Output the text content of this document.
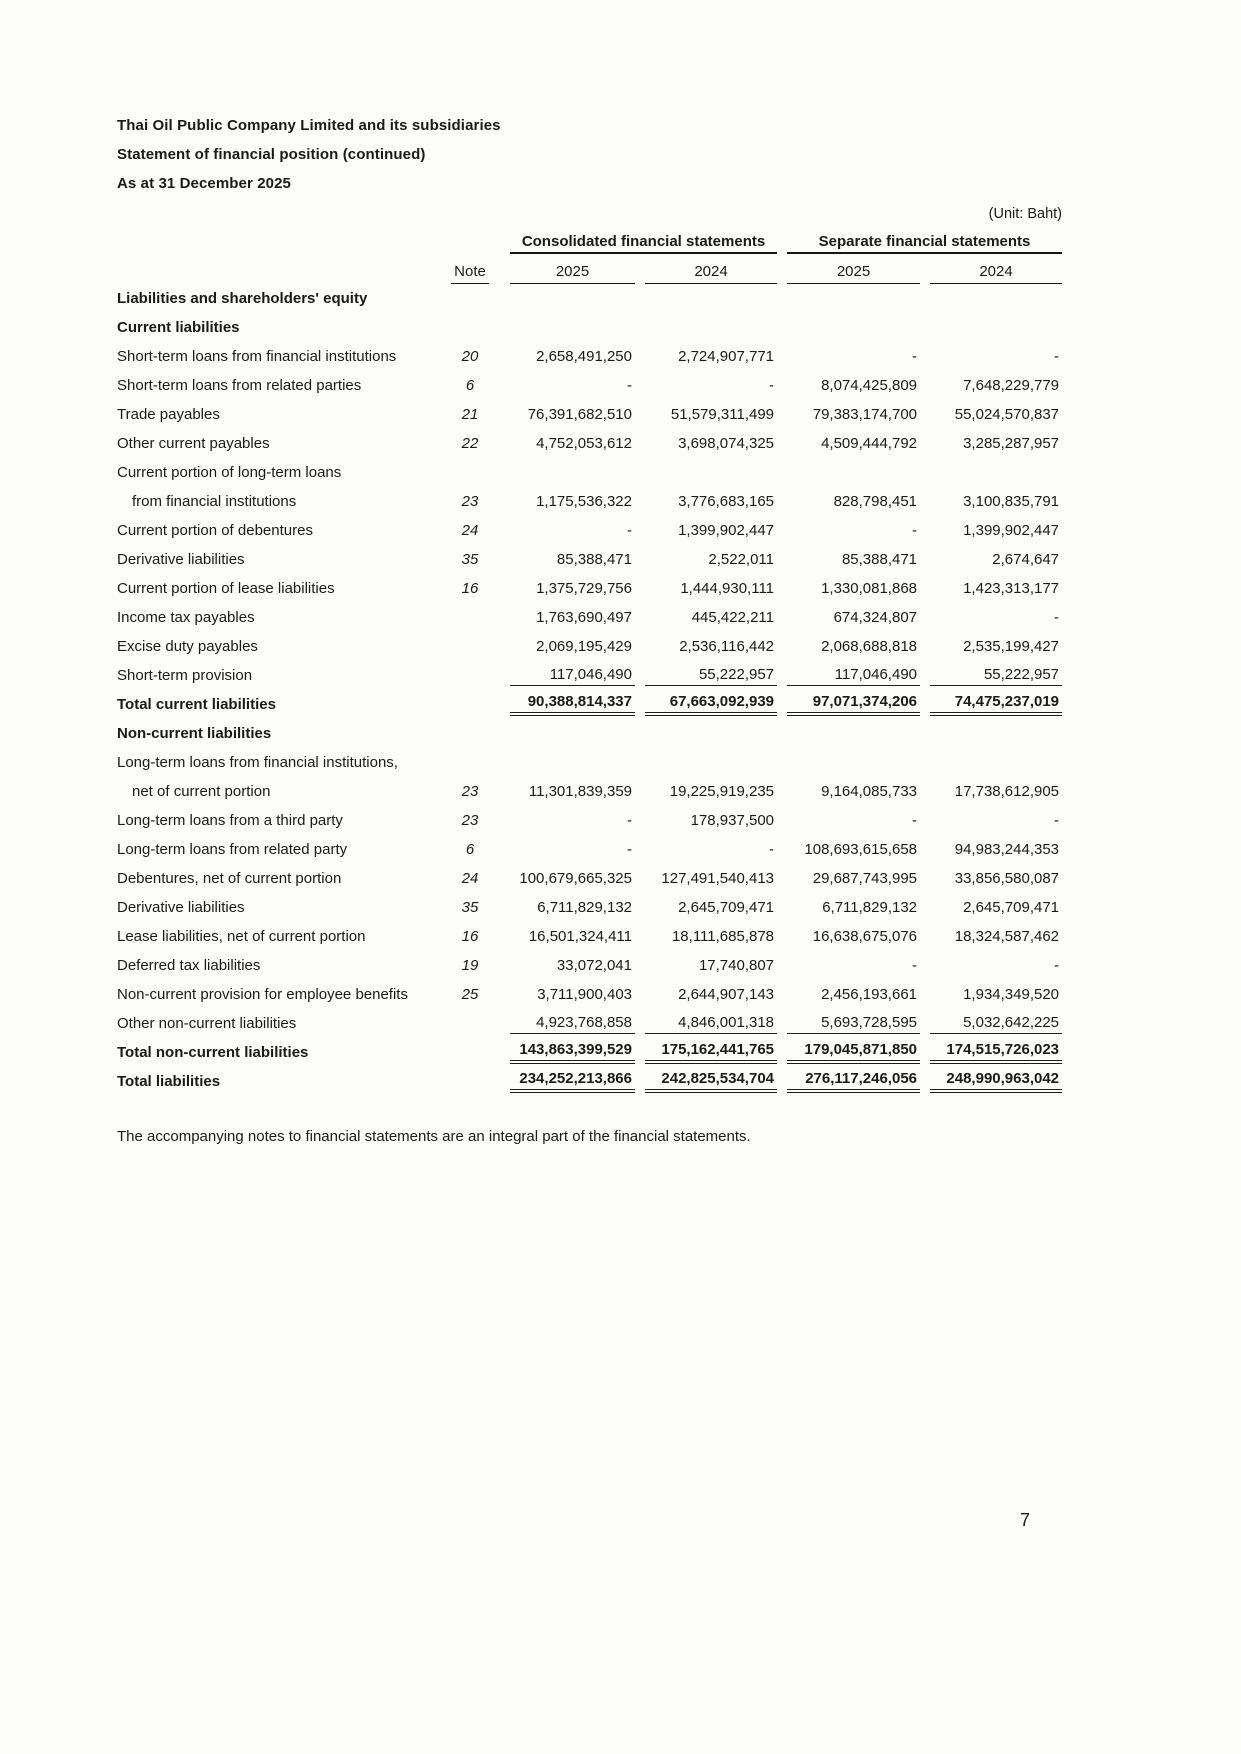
Thai Oil Public Company Limited and its subsidiaries
Statement of financial position (continued)
As at 31 December 2025
(Unit: Baht)

		Consolidated financial statements		Separate financial statements	

	Note	2025	2024	2025	2024

Liabilities and shareholders' equity		

Current liabilities		

Short-term loans from financial institutions	20	2,658,491,250	2,724,907,771	-	-

Short-term loans from related parties	6	-	-	8,074,425,809	7,648,229,779

Trade payables	21	76,391,682,510	51,579,311,499	79,383,174,700	55,024,570,837

Other current payables	22	4,752,053,612	3,698,074,325	4,509,444,792	3,285,287,957

Current portion of long-term loans		

from financial institutions	23	1,175,536,322	3,776,683,165	828,798,451	3,100,835,791

Current portion of debentures	24	-	1,399,902,447	-	1,399,902,447

Derivative liabilities	35	85,388,471	2,522,011	85,388,471	2,674,647

Current portion of lease liabilities	16	1,375,729,756	1,444,930,111	1,330,081,868	1,423,313,177

Income tax payables		1,763,690,497	445,422,211	674,324,807	-

Excise duty payables		2,069,195,429	2,536,116,442	2,068,688,818	2,535,199,427

Short-term provision		117,046,490	55,222,957	117,046,490	55,222,957

Total current liabilities		90,388,814,337	67,663,092,939	97,071,374,206	74,475,237,019

Non-current liabilities		

Long-term loans from financial institutions,		

net of current portion	23	11,301,839,359	19,225,919,235	9,164,085,733	17,738,612,905

Long-term loans from a third party	23	-	178,937,500	-	-

Long-term loans from related party	6	-	-	108,693,615,658	94,983,244,353

Debentures, net of current portion	24	100,679,665,325	127,491,540,413	29,687,743,995	33,856,580,087

Derivative liabilities	35	6,711,829,132	2,645,709,471	6,711,829,132	2,645,709,471

Lease liabilities, net of current portion	16	16,501,324,411	18,111,685,878	16,638,675,076	18,324,587,462

Deferred tax liabilities	19	33,072,041	17,740,807	-	-

Non-current provision for employee benefits	25	3,711,900,403	2,644,907,143	2,456,193,661	1,934,349,520

Other non-current liabilities		4,923,768,858	4,846,001,318	5,693,728,595	5,032,642,225

Total non-current liabilities		143,863,399,529	175,162,441,765	179,045,871,850	174,515,726,023

Total liabilities		234,252,213,866	242,825,534,704	276,117,246,056	248,990,963,042
The accompanying notes to financial statements are an integral part of the financial statements.
7
